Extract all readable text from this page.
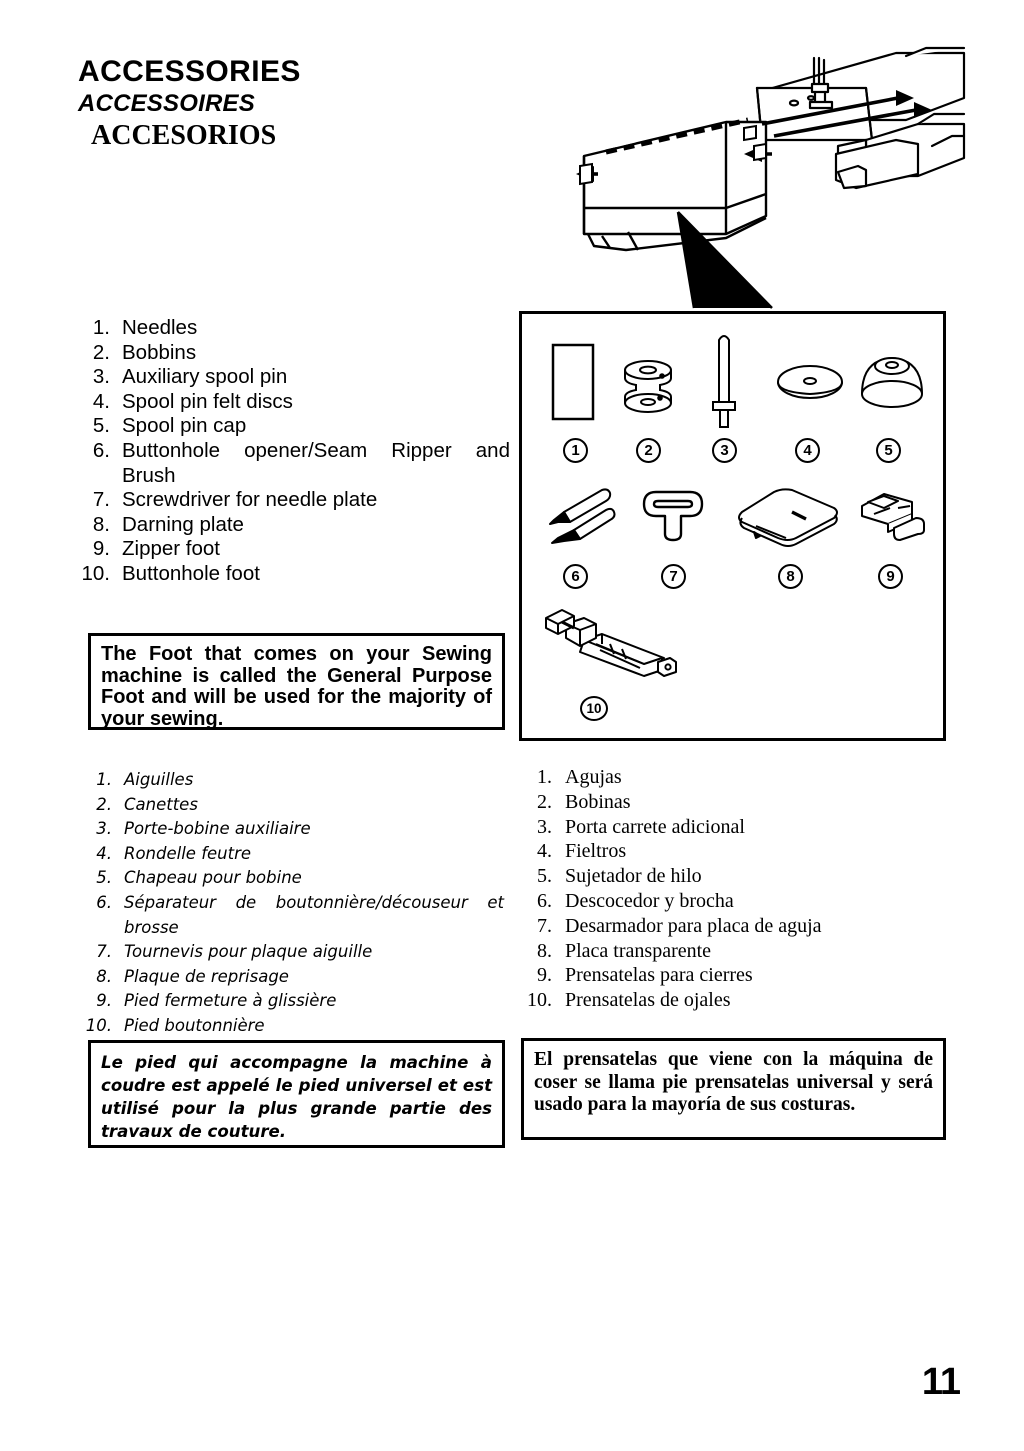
ACCESSORIES
ACCESSOIRES
ACCESORIOS
1. Needles
2. Bobbins
3. Auxiliary spool pin
4. Spool pin felt discs
5. Spool pin cap
6. Buttonhole opener/Seam Ripper and Brush
7. Screwdriver for needle plate
8. Darning plate
9. Zipper foot
10. Buttonhole foot

The Foot that comes on your Sewing machine is called the General Purpose Foot and will be used for the majority of your sewing.

1	2	3	4	5
6	7	8	9
10
1. Aiguilles
2. Canettes
3. Porte-bobine auxiliaire
4. Rondelle feutre
5. Chapeau pour bobine
6. Séparateur de boutonnière/découseur et brosse
7. Tournevis pour plaque aiguille
8. Plaque de reprisage
9. Pied fermeture à glissière
10. Pied boutonnière
1. Agujas
2. Bobinas
3. Porta carrete adicional
4. Fieltros
5. Sujetador de hilo
6. Descocedor y brocha
7. Desarmador para placa de aguja
8. Placa transparente
9. Prensatelas para cierres
10. Prensatelas de ojales

Le pied qui accompagne la machine à coudre est appelé le pied universel et est utilisé pour la plus grande partie des travaux de couture.

El prensatelas que viene con la máquina de coser se llama pie prensatelas universal y será usado para la mayoría de sus costuras.

11
